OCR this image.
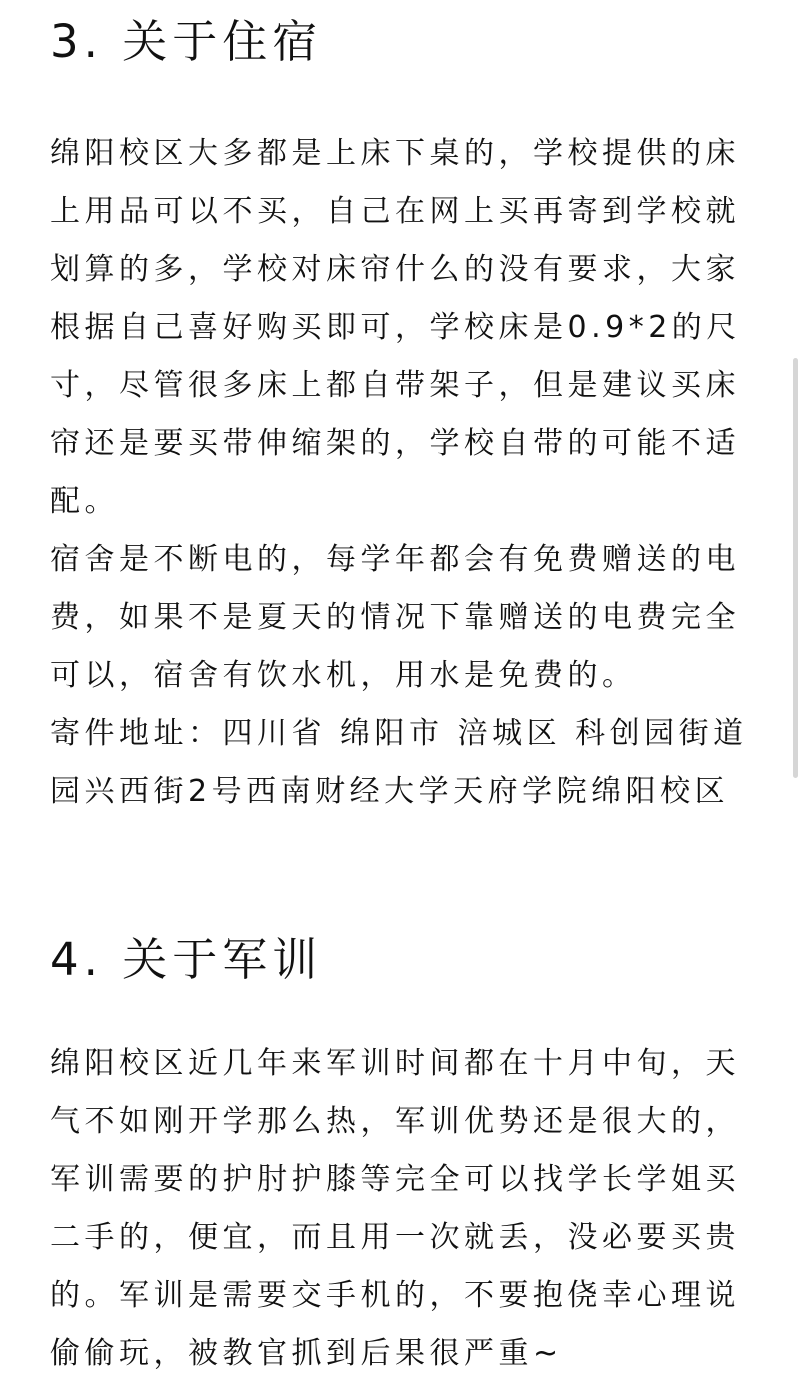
3. 关于住宿
绵阳校区大多都是上床下桌的，学校提供的床
上用品可以不买，自己在网上买再寄到学校就
划算的多，学校对床帘什么的没有要求，大家
根据自己喜好购买即可，学校床是0.9*2的尺
寸，尽管很多床上都自带架子，但是建议买床
帘还是要买带伸缩架的，学校自带的可能不适
配。
宿舍是不断电的，每学年都会有免费赠送的电
费，如果不是夏天的情况下靠赠送的电费完全
可以，宿舍有饮水机，用水是免费的。
寄件地址：四川省 绵阳市 涪城区 科创园街道
园兴西街2号西南财经大学天府学院绵阳校区
4. 关于军训
绵阳校区近几年来军训时间都在十月中旬，天
气不如刚开学那么热，军训优势还是很大的，
军训需要的护肘护膝等完全可以找学长学姐买
二手的，便宜，而且用一次就丢，没必要买贵
的。军训是需要交手机的，不要抱侥幸心理说
偷偷玩，被教官抓到后果很严重~
